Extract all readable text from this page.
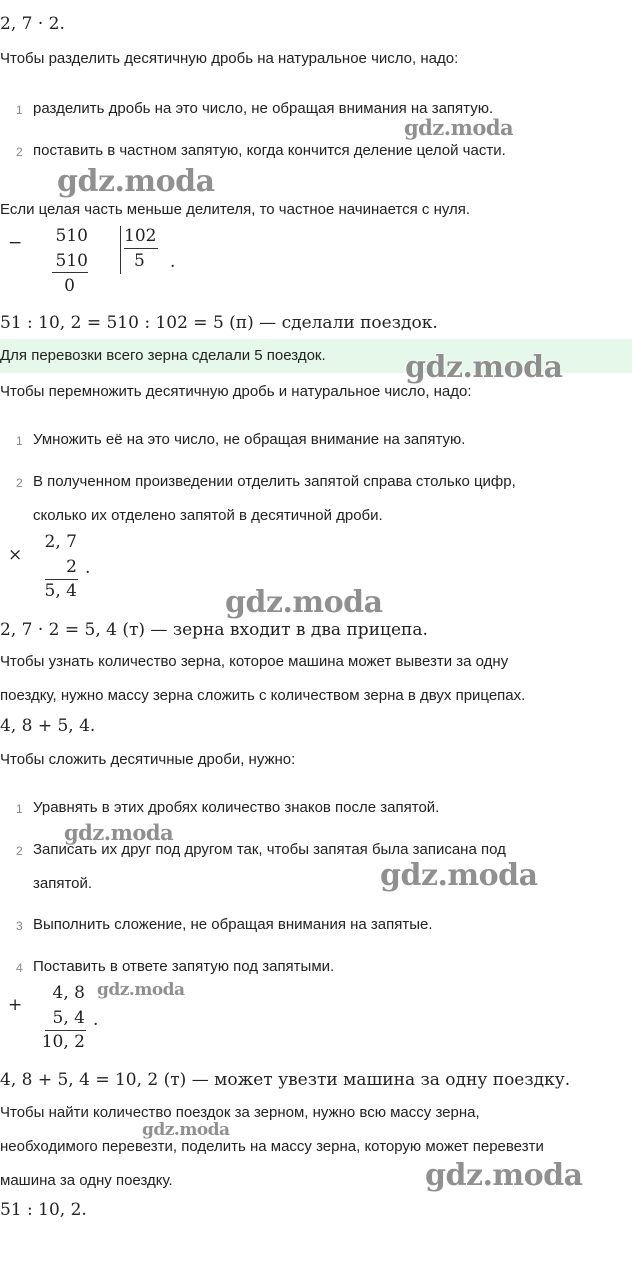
2, 7 · 2.
Чтобы разделить десятичную дробь на натуральное число, надо:
1 разделить дробь на это число, не обращая внимания на запятую.
2 поставить в частном запятую, когда кончится деление целой части.
Если целая часть меньше делителя, то частное начинается с нуля.
−	510
510
0
102
5	.
51 : 10, 2 = 510 : 102 = 5 (п) — сделали поездок.
Для перевозки всего зерна сделали 5 поездок.
Чтобы перемножить десятичную дробь и натуральное число, надо:
1 Умножить её на это число, не обращая внимание на запятую.
2 В полученном произведении отделить запятой справа столько цифр,
сколько их отделено запятой в десятичной дроби.
×
2, 7
2
5, 4
.
2, 7 · 2 = 5, 4 (т) — зерна входит в два прицепа.
Чтобы узнать количество зерна, которое машина может вывезти за одну
поездку, нужно массу зерна сложить с количеством зерна в двух прицепах.
4, 8 + 5, 4.
Чтобы сложить десятичные дроби, нужно:
1 Уравнять в этих дробях количество знаков после запятой.
2 Записать их друг под другом так, чтобы запятая была записана под
запятой.
3 Выполнить сложение, не обращая внимания на запятые.
4 Поставить в ответе запятую под запятыми.
+
4, 8
5, 4
10, 2
.
4, 8 + 5, 4 = 10, 2 (т) — может увезти машина за одну поездку.
Чтобы найти количество поездок за зерном, нужно всю массу зерна,
необходимого перевезти, поделить на массу зерна, которую может перевезти
машина за одну поездку.
51 : 10, 2.
gdz.moda
gdz.moda
gdz.moda
gdz.moda
gdz.moda
gdz.moda
gdz.moda
gdz.moda
gdz.moda
